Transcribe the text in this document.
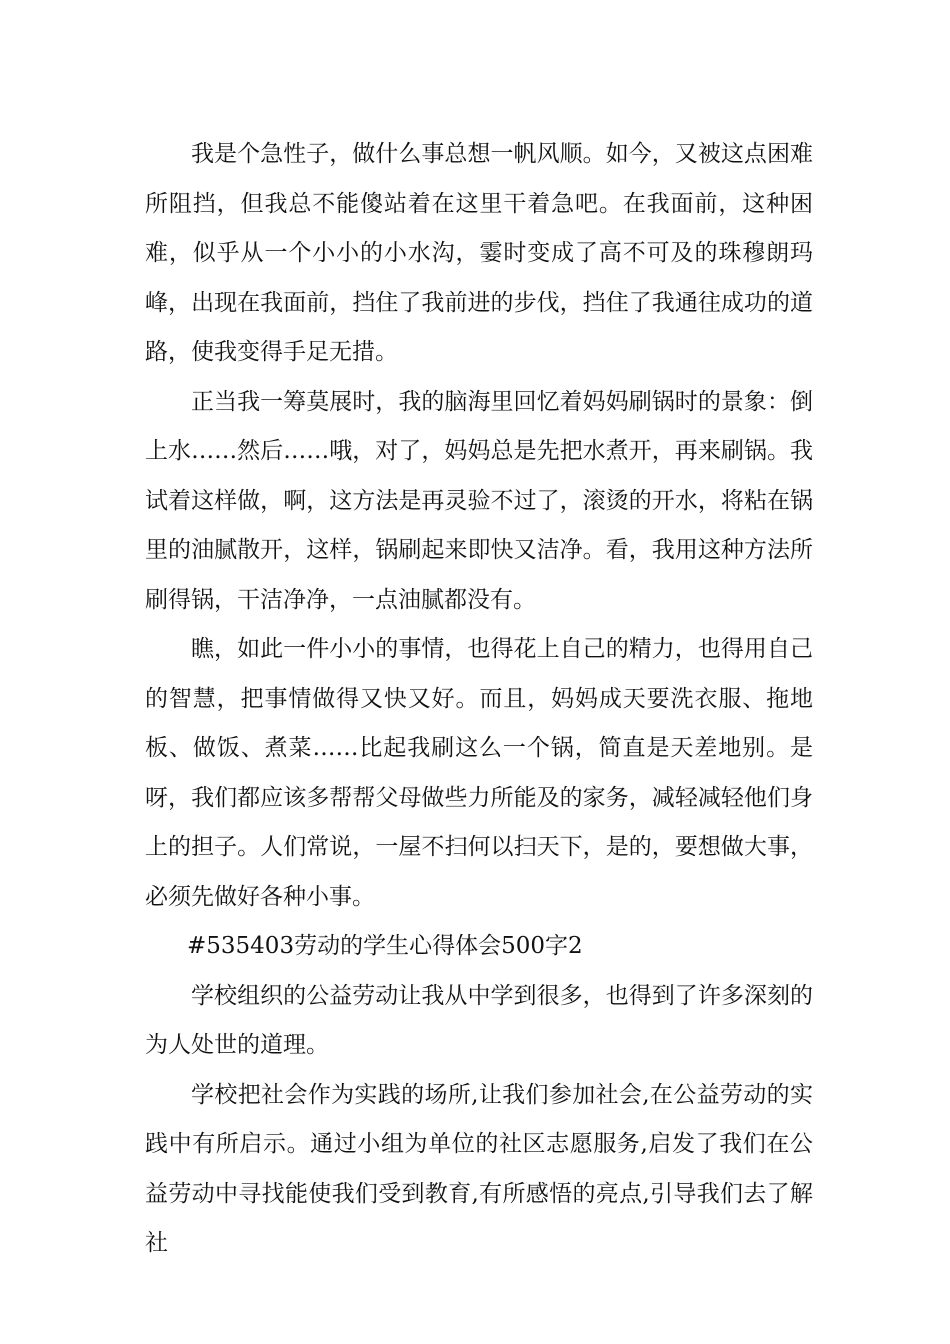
我是个急性子，做什么事总想一帆风顺。如今，又被这点困难所阻挡，但我总不能傻站着在这里干着急吧。在我面前，这种困难，似乎从一个小小的小水沟，霎时变成了高不可及的珠穆朗玛峰，出现在我面前，挡住了我前进的步伐，挡住了我通往成功的道路，使我变得手足无措。

正当我一筹莫展时，我的脑海里回忆着妈妈刷锅时的景象：倒上水……然后……哦，对了，妈妈总是先把水煮开，再来刷锅。我试着这样做，啊，这方法是再灵验不过了，滚烫的开水，将粘在锅里的油腻散开，这样，锅刷起来即快又洁净。看，我用这种方法所刷得锅，干洁净净，一点油腻都没有。

瞧，如此一件小小的事情，也得花上自己的精力，也得用自己的智慧，把事情做得又快又好。而且，妈妈成天要洗衣服、拖地板、做饭、煮菜……比起我刷这么一个锅，简直是天差地别。是呀，我们都应该多帮帮父母做些力所能及的家务，减轻减轻他们身上的担子。人们常说，一屋不扫何以扫天下，是的，要想做大事，必须先做好各种小事。

#535403劳动的学生心得体会500字2

学校组织的公益劳动让我从中学到很多，也得到了许多深刻的为人处世的道理。

学校把社会作为实践的场所,让我们参加社会,在公益劳动的实践中有所启示。通过小组为单位的社区志愿服务,启发了我们在公益劳动中寻找能使我们受到教育,有所感悟的亮点,引导我们去了解社
